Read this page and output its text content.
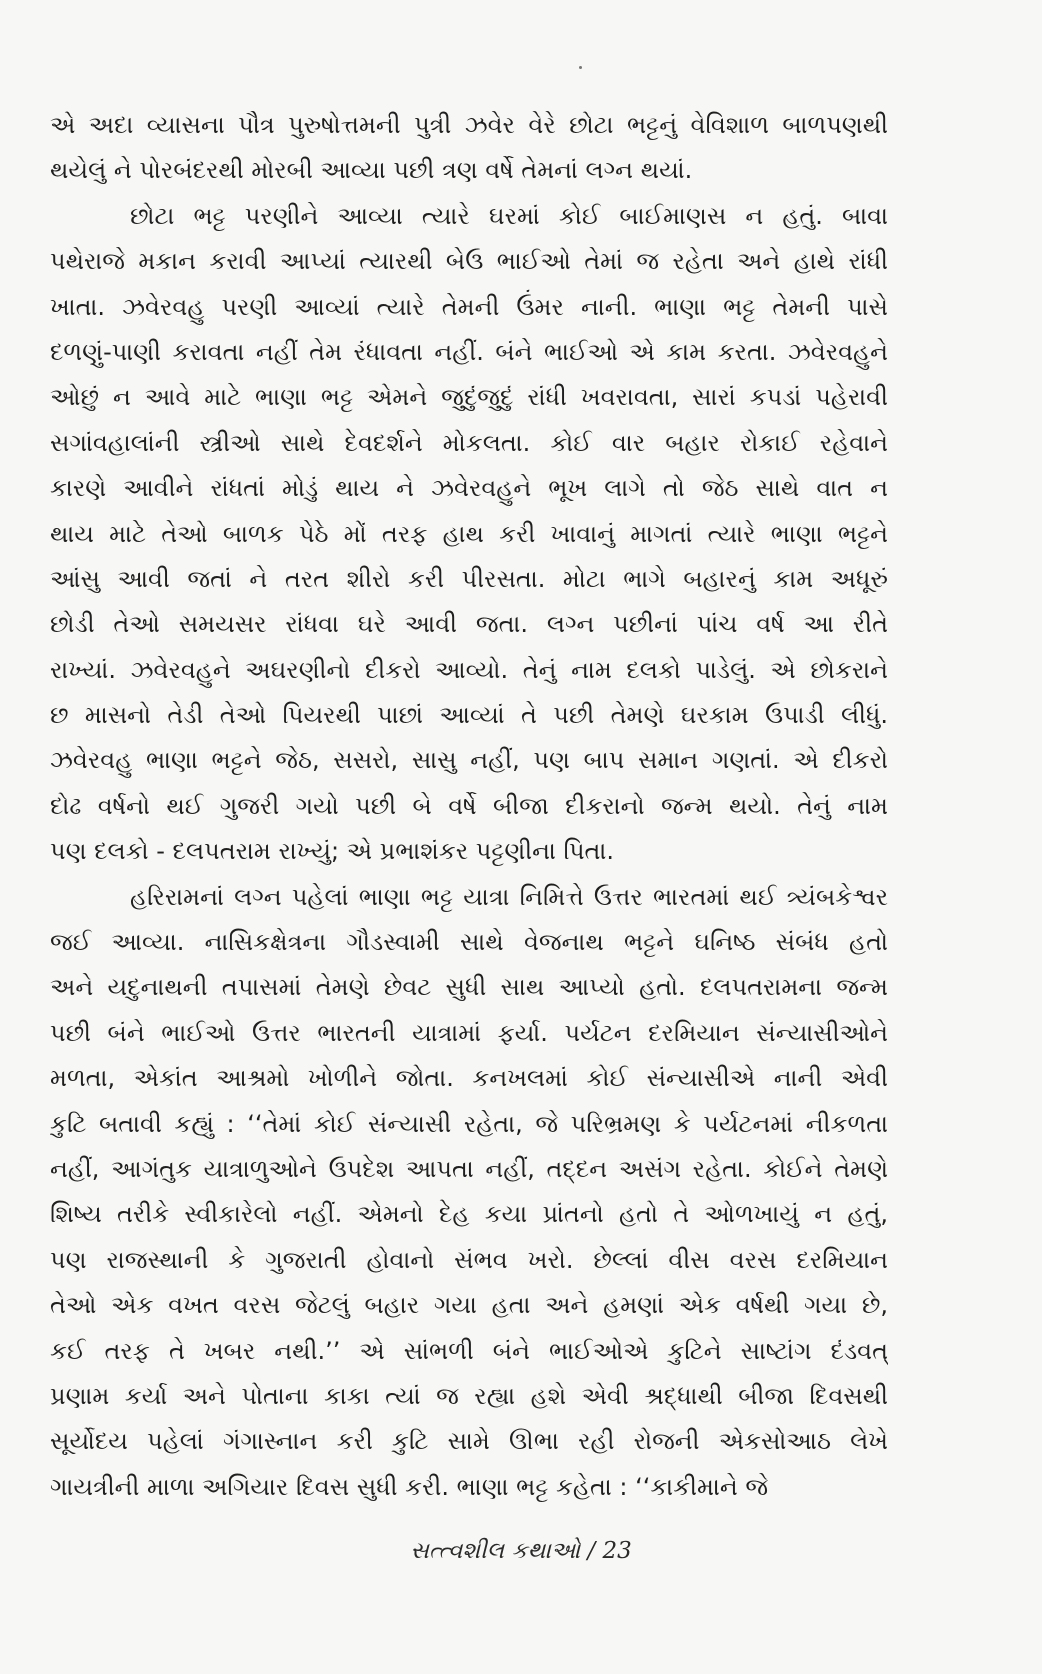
એ અદા વ્યાસના પૌત્ર પુરુષોત્તમની પુત્રી ઝવેર વેરે છોટા ભટ્ટનું વેવિશાળ બાળપણથી
થયેલું ને પોરબંદરથી મોરબી આવ્યા પછી ત્રણ વર્ષે તેમનાં લગ્ન થયાં.
છોટા ભટ્ટ પરણીને આવ્યા ત્યારે ઘરમાં કોઈ બાઈમાણસ ન હતું. બાવા
પથેરાજે મકાન કરાવી આપ્યાં ત્યારથી બેઉ ભાઈઓ તેમાં જ રહેતા અને હાથે રાંધી
ખાતા. ઝવેરવહુ પરણી આવ્યાં ત્યારે તેમની ઉંમર નાની. ભાણા ભટ્ટ તેમની પાસે
દળણું-પાણી કરાવતા નહીં તેમ રંધાવતા નહીં. બંને ભાઈઓ એ કામ કરતા. ઝવેરવહુને
ઓછું ન આવે માટે ભાણા ભટ્ટ એમને જુદુંજુદું રાંધી ખવરાવતા, સારાં કપડાં પહેરાવી
સગાંવહાલાંની સ્ત્રીઓ સાથે દેવદર્શને મોકલતા. કોઈ વાર બહાર રોકાઈ રહેવાને
કારણે આવીને રાંધતાં મોડું થાય ને ઝવેરવહુને ભૂખ લાગે તો જેઠ સાથે વાત ન
થાય માટે તેઓ બાળક પેઠે મોં તરફ હાથ કરી ખાવાનું માગતાં ત્યારે ભાણા ભટ્ટને
આંસુ આવી જતાં ને તરત શીરો કરી પીરસતા. મોટા ભાગે બહારનું કામ અધૂરું
છોડી તેઓ સમયસર રાંધવા ઘરે આવી જતા. લગ્ન પછીનાં પાંચ વર્ષ આ રીતે
રાખ્યાં. ઝવેરવહુને અઘરણીનો દીકરો આવ્યો. તેનું નામ દલકો પાડેલું. એ છોકરાને
છ માસનો તેડી તેઓ પિયરથી પાછાં આવ્યાં તે પછી તેમણે ઘરકામ ઉપાડી લીધું.
ઝવેરવહુ ભાણા ભટ્ટને જેઠ, સસરો, સાસુ નહીં, પણ બાપ સમાન ગણતાં. એ દીકરો
દોઢ વર્ષનો થઈ ગુજરી ગયો પછી બે વર્ષે બીજા દીકરાનો જન્મ થયો. તેનું નામ
પણ દલકો - દલપતરામ રાખ્યું; એ પ્રભાશંકર પટ્ટણીના પિતા.
હરિરામનાં લગ્ન પહેલાં ભાણા ભટ્ટ યાત્રા નિમિત્તે ઉત્તર ભારતમાં થઈ ત્ર્યંબકેશ્વર
જઈ આવ્યા. નાસિકક્ષેત્રના ગૌડસ્વામી સાથે વેજનાથ ભટ્ટને ઘનિષ્ઠ સંબંધ હતો
અને યદુનાથની તપાસમાં તેમણે છેવટ સુધી સાથ આપ્યો હતો. દલપતરામના જન્મ
પછી બંને ભાઈઓ ઉત્તર ભારતની યાત્રામાં ફર્યા. પર્યટન દરમિયાન સંન્યાસીઓને
મળતા, એકાંત આશ્રમો ખોળીને જોતા. કનખલમાં કોઈ સંન્યાસીએ નાની એવી
કુટિ બતાવી કહ્યું : ‘‘તેમાં કોઈ સંન્યાસી રહેતા, જે પરિભ્રમણ કે પર્યટનમાં નીકળતા
નહીં, આગંતુક યાત્રાળુઓને ઉપદેશ આપતા નહીં, તદ્દન અસંગ રહેતા. કોઈને તેમણે
શિષ્ય તરીકે સ્વીકારેલો નહીં. એમનો દેહ કયા પ્રાંતનો હતો તે ઓળખાયું ન હતું,
પણ રાજસ્થાની કે ગુજરાતી હોવાનો સંભવ ખરો. છેલ્લાં વીસ વરસ દરમિયાન
તેઓ એક વખત વરસ જેટલું બહાર ગયા હતા અને હમણાં એક વર્ષથી ગયા છે,
કઈ તરફ તે ખબર નથી.’’ એ સાંભળી બંને ભાઈઓએ કુટિને સાષ્ટાંગ દંડવત્
પ્રણામ કર્યા અને પોતાના કાકા ત્યાં જ રહ્યા હશે એવી શ્રદ્ધાથી બીજા દિવસથી
સૂર્યોદય પહેલાં ગંગાસ્નાન કરી કુટિ સામે ઊભા રહી રોજની એકસોઆઠ લેખે
ગાયત્રીની માળા અગિયાર દિવસ સુધી કરી. ભાણા ભટ્ટ કહેતા : ‘‘કાકીમાને જે
સત્ત્વશીલ કથાઓ / 23
